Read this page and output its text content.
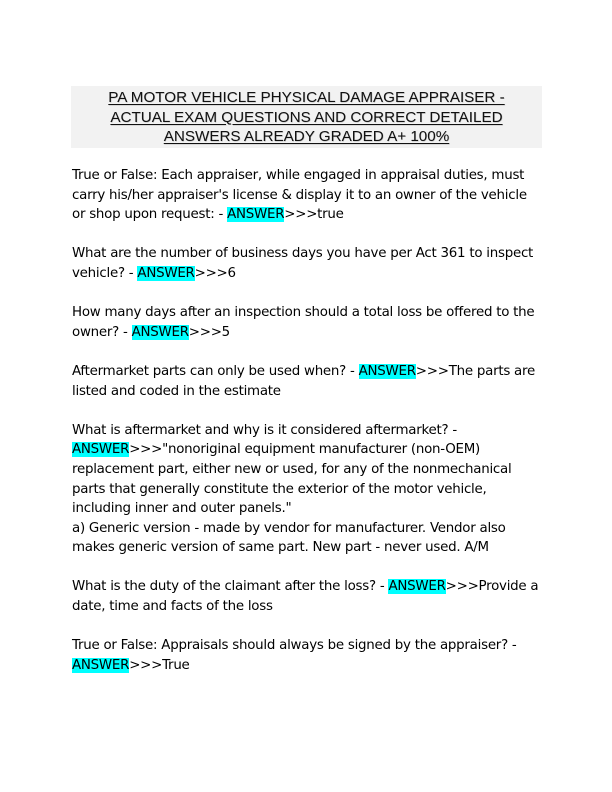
PA MOTOR VEHICLE PHYSICAL DAMAGE APPRAISER -
ACTUAL EXAM QUESTIONS AND CORRECT DETAILED
ANSWERS ALREADY GRADED A+ 100%
True or False: Each appraiser, while engaged in appraisal duties, must
carry his/her appraiser's license & display it to an owner of the vehicle
or shop upon request: - ANSWER>>>true
What are the number of business days you have per Act 361 to inspect
vehicle? - ANSWER>>>6
How many days after an inspection should a total loss be offered to the
owner? - ANSWER>>>5
Aftermarket parts can only be used when? - ANSWER>>>The parts are
listed and coded in the estimate
What is aftermarket and why is it considered aftermarket? -
ANSWER>>>"nonoriginal equipment manufacturer (non-OEM)
replacement part, either new or used, for any of the nonmechanical
parts that generally constitute the exterior of the motor vehicle,
including inner and outer panels."
a) Generic version - made by vendor for manufacturer. Vendor also
makes generic version of same part. New part - never used. A/M
What is the duty of the claimant after the loss? - ANSWER>>>Provide a
date, time and facts of the loss
True or False: Appraisals should always be signed by the appraiser? -
ANSWER>>>True
